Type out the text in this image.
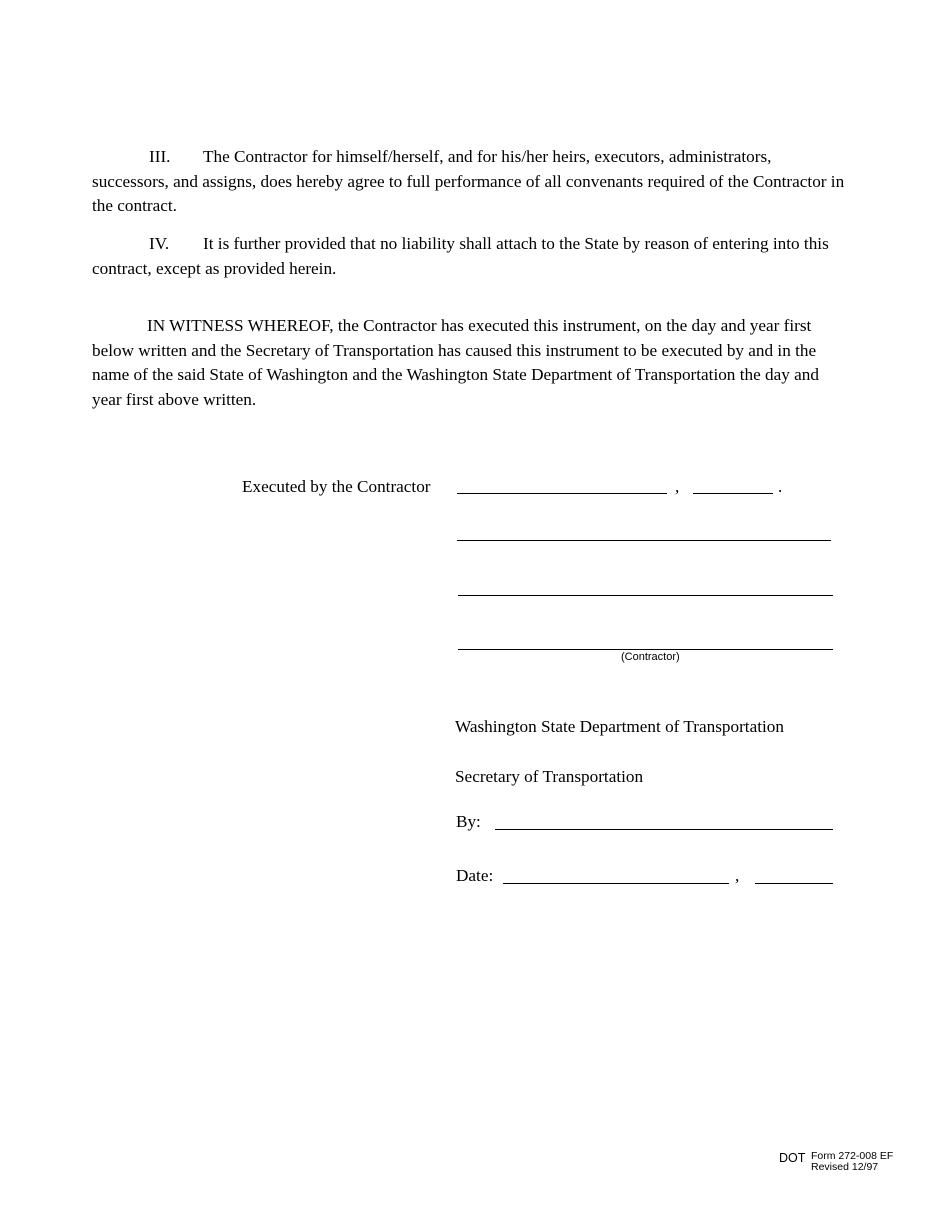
III. The Contractor for himself/herself, and for his/her heirs, executors, administrators, successors, and assigns, does hereby agree to full performance of all convenants required of the Contractor in the contract.

IV. It is further provided that no liability shall attach to the State by reason of entering into this contract, except as provided herein.

IN WITNESS WHEREOF, the Contractor has executed this instrument, on the day and year first below written and the Secretary of Transportation has caused this instrument to be executed by and in the name of the said State of Washington and the Washington State Department of Transportation the day and year first above written.

Executed by the Contractor	,	.
(Contractor)
Washington State Department of Transportation
Secretary of Transportation
By:
Date:	,
DOT Form 272-008 EF
Revised 12/97
